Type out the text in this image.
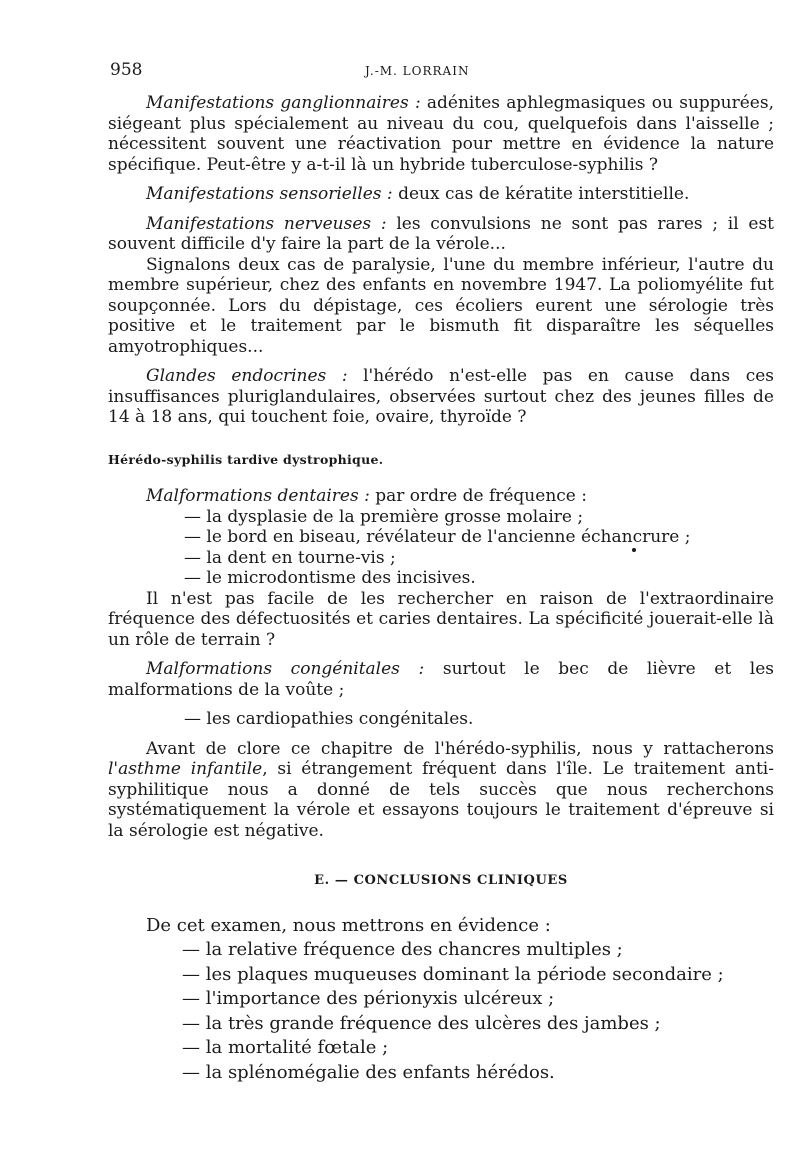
958	J.-M. LORRAIN

Manifestations ganglionnaires : adénites aphlegmasiques ou suppurées, siégeant plus spécialement au niveau du cou, quelquefois dans l'aisselle ; nécessitent souvent une réactivation pour mettre en évidence la nature spécifique. Peut-être y a-t-il là un hybride tuberculose-syphilis ?

Manifestations sensorielles : deux cas de kératite interstitielle.

Manifestations nerveuses : les convulsions ne sont pas rares ; il est souvent difficile d'y faire la part de la vérole...

Signalons deux cas de paralysie, l'une du membre inférieur, l'autre du membre supérieur, chez des enfants en novembre 1947. La poliomyélite fut soupçonnée. Lors du dépistage, ces écoliers eurent une sérologie très positive et le traitement par le bismuth fit disparaître les séquelles amyotrophiques...

Glandes endocrines : l'hérédo n'est-elle pas en cause dans ces insuffisances pluriglandulaires, observées surtout chez des jeunes filles de 14 à 18 ans, qui touchent foie, ovaire, thyroïde ?

Hérédo-syphilis tardive dystrophique.

Malformations dentaires : par ordre de fréquence :

— la dysplasie de la première grosse molaire ;
— le bord en biseau, révélateur de l'ancienne échancrure ;
— la dent en tourne-vis ;
— le microdontisme des incisives.

Il n'est pas facile de les rechercher en raison de l'extraordinaire fréquence des défectuosités et caries dentaires. La spécificité jouerait-elle là un rôle de terrain ?

Malformations congénitales : surtout le bec de lièvre et les malformations de la voûte ;

— les cardiopathies congénitales.

Avant de clore ce chapitre de l'hérédo-syphilis, nous y rattacherons l'asthme infantile, si étrangement fréquent dans l'île. Le traitement anti-syphilitique nous a donné de tels succès que nous recherchons systématiquement la vérole et essayons toujours le traitement d'épreuve si la sérologie est négative.

E. — CONCLUSIONS CLINIQUES

De cet examen, nous mettrons en évidence :

— la relative fréquence des chancres multiples ;
— les plaques muqueuses dominant la période secondaire ;
— l'importance des périonyxis ulcéreux ;
— la très grande fréquence des ulcères des jambes ;
— la mortalité fœtale ;
— la splénomégalie des enfants hérédos.
